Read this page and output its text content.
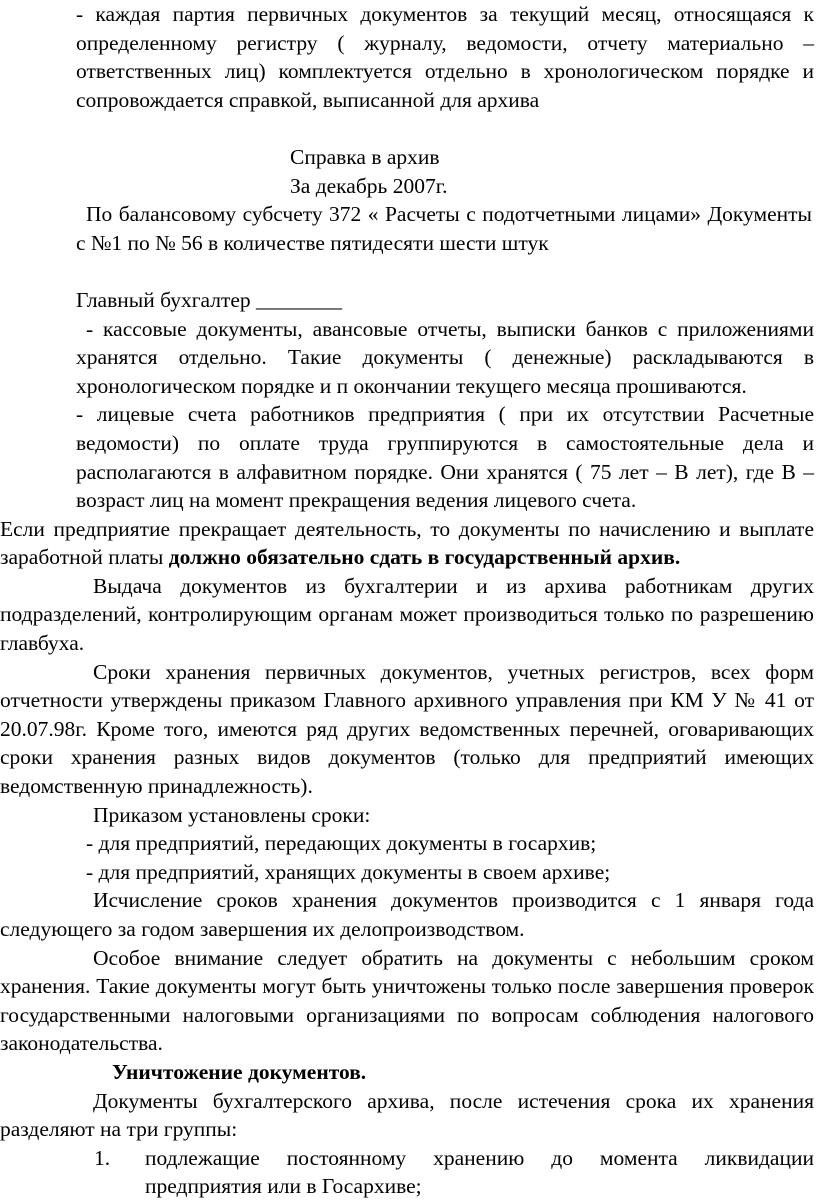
- каждая партия первичных документов за текущий месяц, относящаяся к определенному регистру ( журналу, ведомости, отчету материально – ответственных лиц) комплектуется отдельно в хронологическом порядке и сопровождается справкой, выписанной для архива

Справка в архив

За декабрь 2007г.

По балансовому субсчету 372 « Расчеты с подотчетными лицами» Документы с №1 по № 56 в количестве пятидесяти шести штук

Главный бухгалтер ________

- кассовые документы, авансовые отчеты, выписки банков с приложениями хранятся отдельно. Такие документы ( денежные) раскладываются в хронологическом порядке и п окончании текущего месяца прошиваются.

- лицевые счета работников предприятия ( при их отсутствии Расчетные ведомости) по оплате труда группируются в самостоятельные дела и располагаются в алфавитном порядке. Они хранятся ( 75 лет – В лет), где В – возраст лиц на момент прекращения ведения лицевого счета.

Если предприятие прекращает деятельность, то документы по начислению и выплате заработной платы должно обязательно сдать в государственный архив.

Выдача документов из бухгалтерии и из архива работникам других подразделений, контролирующим органам может производиться только по разрешению главбуха.

Сроки хранения первичных документов, учетных регистров, всех форм отчетности утверждены приказом Главного архивного управления при КМ У № 41 от 20.07.98г. Кроме того, имеются ряд других ведомственных перечней, оговаривающих сроки хранения разных видов документов (только для предприятий имеющих ведомственную принадлежность).

Приказом установлены сроки:

- для предприятий, передающих документы в госархив;

- для предприятий, хранящих документы в своем архиве;

Исчисление сроков хранения документов производится с 1 января года следующего за годом завершения их делопроизводством.

Особое внимание следует обратить на документы с небольшим сроком хранения. Такие документы могут быть уничтожены только после завершения проверок государственными налоговыми организациями по вопросам соблюдения налогового законодательства.

Уничтожение документов.

Документы бухгалтерского архива, после истечения срока их хранения разделяют на три группы:

1. подлежащие постоянному хранению до момента ликвидации предприятия или в Госархиве;
